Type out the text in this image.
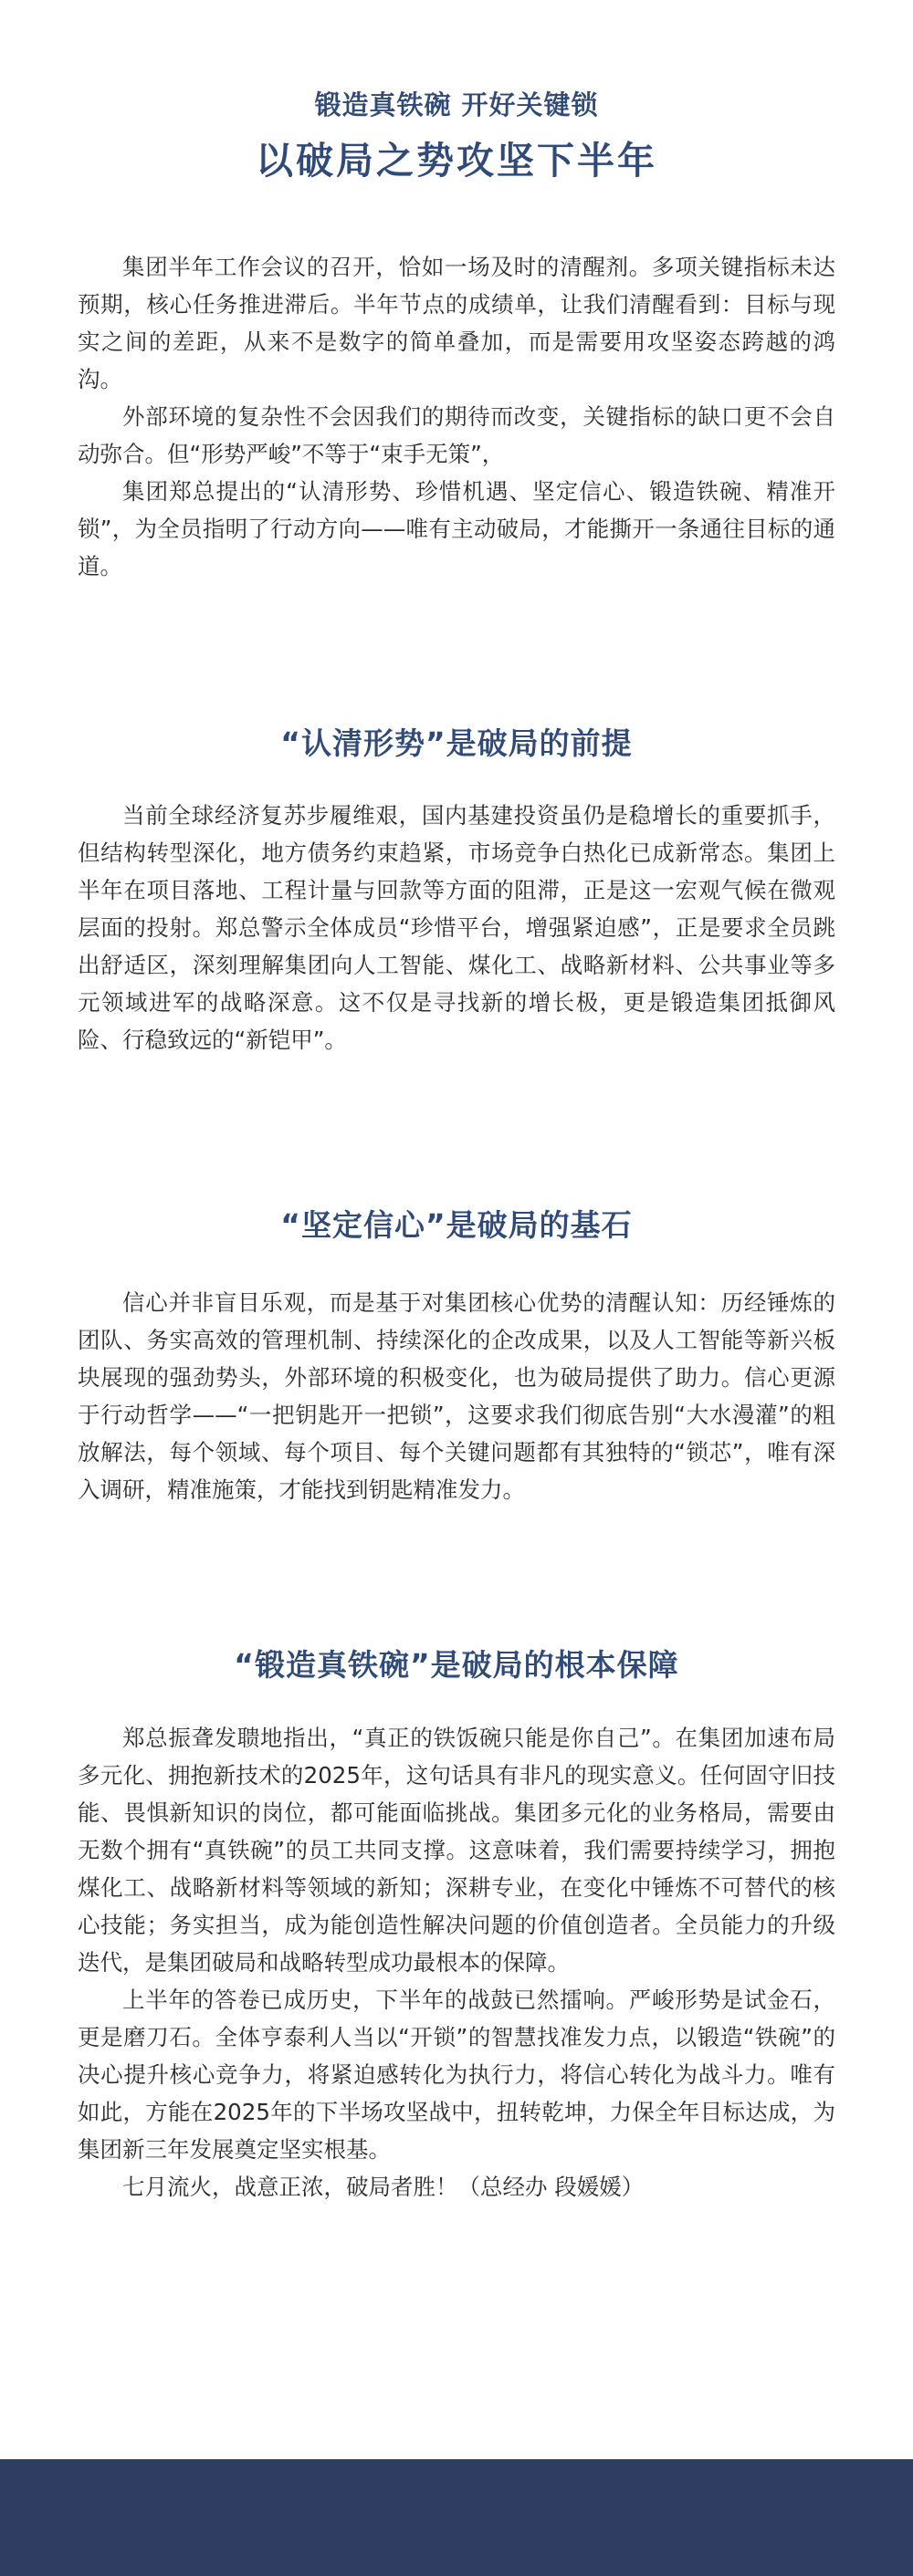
锻造真铁碗 开好关键锁
以破局之势攻坚下半年

集团半年工作会议的召开，恰如一场及时的清醒剂。多项关键指标未达预期，核心任务推进滞后。半年节点的成绩单，让我们清醒看到：目标与现实之间的差距，从来不是数字的简单叠加，而是需要用攻坚姿态跨越的鸿沟。

外部环境的复杂性不会因我们的期待而改变，关键指标的缺口更不会自动弥合。但“形势严峻”不等于“束手无策”，

集团郑总提出的“认清形势、珍惜机遇、坚定信心、锻造铁碗、精准开锁”，为全员指明了行动方向——唯有主动破局，才能撕开一条通往目标的通道。

“认清形势”是破局的前提

当前全球经济复苏步履维艰，国内基建投资虽仍是稳增长的重要抓手，但结构转型深化，地方债务约束趋紧，市场竞争白热化已成新常态。集团上半年在项目落地、工程计量与回款等方面的阻滞，正是这一宏观气候在微观层面的投射。郑总警示全体成员“珍惜平台，增强紧迫感”，正是要求全员跳出舒适区，深刻理解集团向人工智能、煤化工、战略新材料、公共事业等多元领域进军的战略深意。这不仅是寻找新的增长极，更是锻造集团抵御风险、行稳致远的“新铠甲”。

“坚定信心”是破局的基石

信心并非盲目乐观，而是基于对集团核心优势的清醒认知：历经锤炼的团队、务实高效的管理机制、持续深化的企改成果，以及人工智能等新兴板块展现的强劲势头，外部环境的积极变化，也为破局提供了助力。信心更源于行动哲学——“一把钥匙开一把锁”，这要求我们彻底告别“大水漫灌”的粗放解法，每个领域、每个项目、每个关键问题都有其独特的“锁芯”，唯有深入调研，精准施策，才能找到钥匙精准发力。

“锻造真铁碗”是破局的根本保障

郑总振聋发聩地指出，“真正的铁饭碗只能是你自己”。在集团加速布局多元化、拥抱新技术的2025年，这句话具有非凡的现实意义。任何固守旧技能、畏惧新知识的岗位，都可能面临挑战。集团多元化的业务格局，需要由无数个拥有“真铁碗”的员工共同支撑。这意味着，我们需要持续学习，拥抱煤化工、战略新材料等领域的新知；深耕专业，在变化中锤炼不可替代的核心技能；务实担当，成为能创造性解决问题的价值创造者。全员能力的升级迭代，是集团破局和战略转型成功最根本的保障。

上半年的答卷已成历史，下半年的战鼓已然擂响。严峻形势是试金石，更是磨刀石。全体亨泰利人当以“开锁”的智慧找准发力点，以锻造“铁碗”的决心提升核心竞争力，将紧迫感转化为执行力，将信心转化为战斗力。唯有如此，方能在2025年的下半场攻坚战中，扭转乾坤，力保全年目标达成，为集团新三年发展奠定坚实根基。

七月流火，战意正浓，破局者胜！（总经办 段媛媛）
